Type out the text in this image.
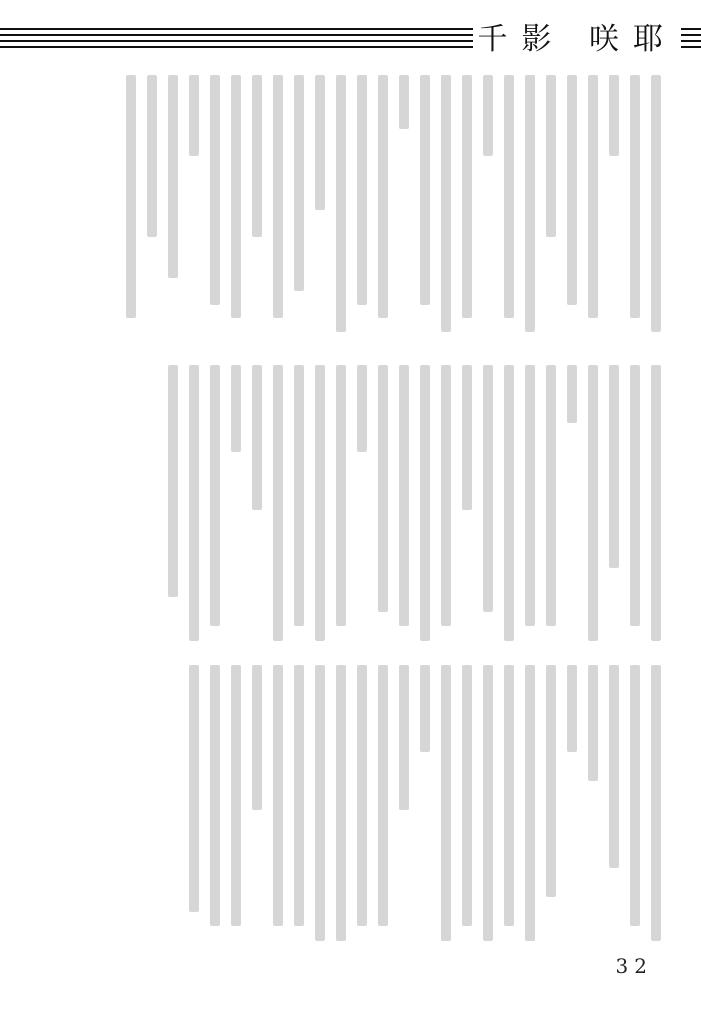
千影 咲耶
32
